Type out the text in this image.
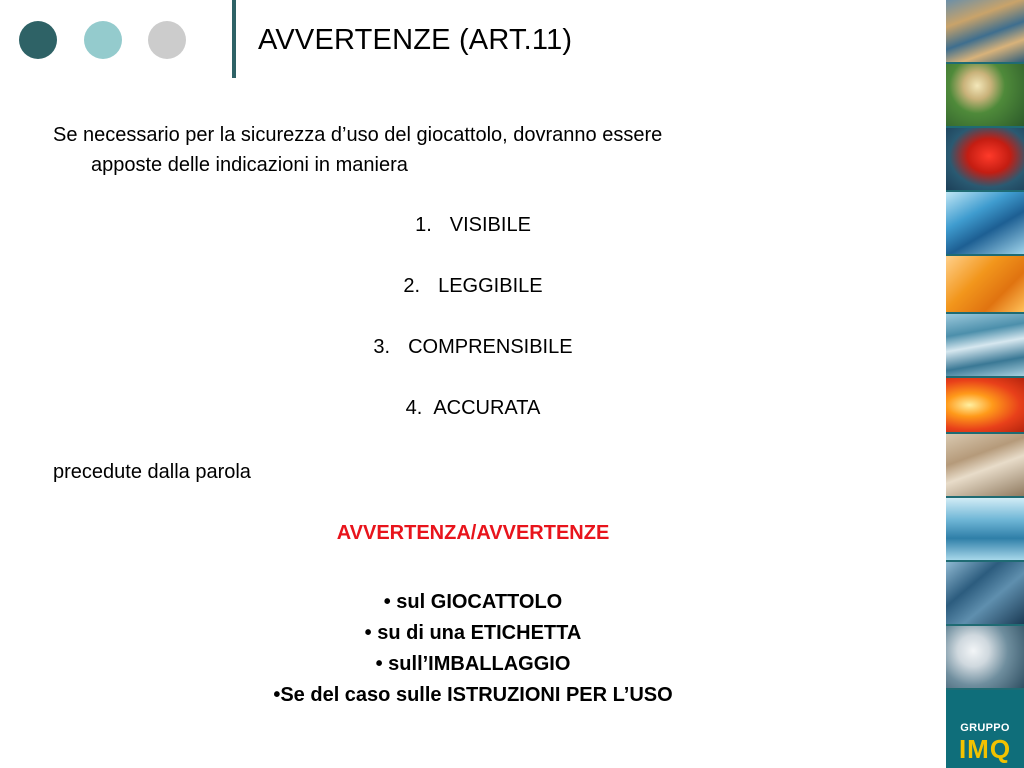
AVVERTENZE (ART.11)
Se necessario per la sicurezza d’uso del giocattolo, dovranno essere
apposte delle indicazioni in maniera
1. VISIBILE
2. LEGGIBILE
3. COMPRENSIBILE
4. ACCURATA
precedute dalla parola
AVVERTENZA/AVVERTENZE
• sul GIOCATTOLO
• su di una ETICHETTA
• sull’IMBALLAGGIO
•Se del caso sulle ISTRUZIONI PER L’USO
GRUPPO
IMQ
